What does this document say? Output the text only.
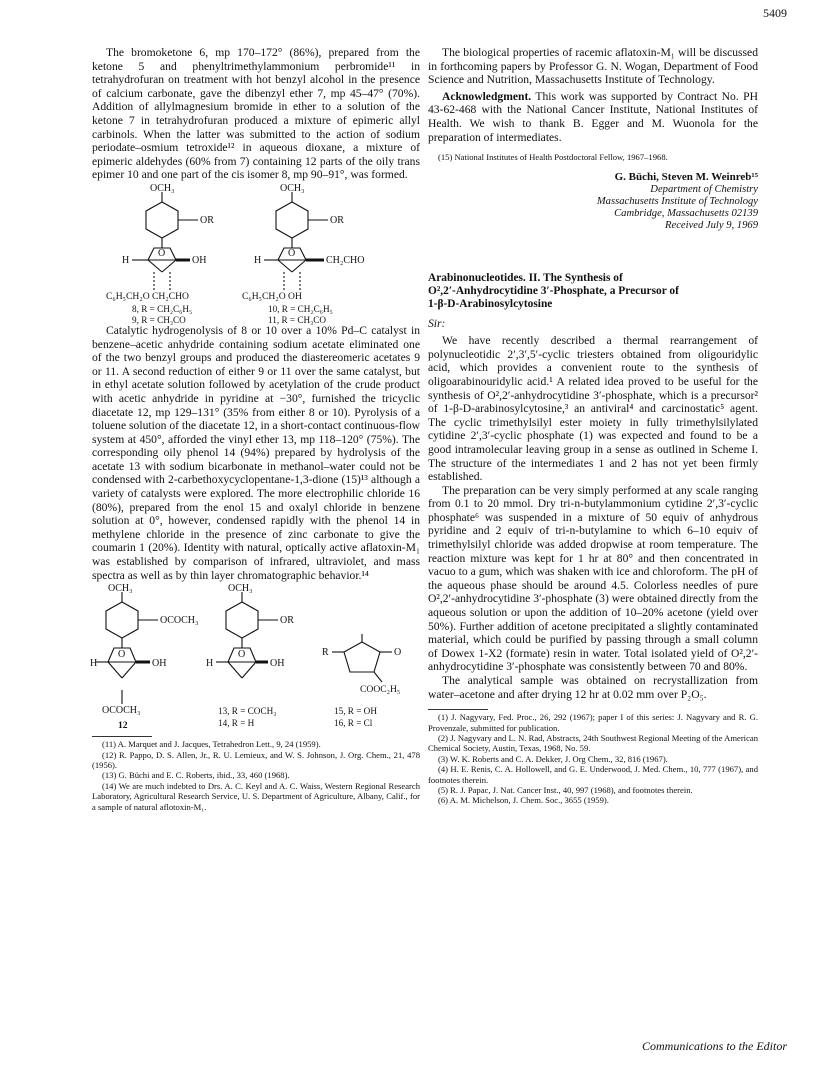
5409

The bromoketone 6, mp 170–172° (86%), prepared from the ketone 5 and phenyltrimethylammonium perbromide¹¹ in tetrahydrofuran on treatment with hot benzyl alcohol in the presence of calcium carbonate, gave the dibenzyl ether 7, mp 45–47° (70%). Addition of allylmagnesium bromide in ether to a solution of the ketone 7 in tetrahydrofuran produced a mixture of epimeric allyl carbinols. When the latter was submitted to the action of sodium periodate–osmium tetroxide¹² in aqueous dioxane, a mixture of epimeric aldehydes (60% from 7) containing 12 parts of the oily trans epimer 10 and one part of the cis isomer 8, mp 90–91°, was formed.

OCH₃
OR
O
H	OH
C₆H₅CH₂O CH₂CHO
8, R = CH₂C₆H₅
9, R = CH₃CO
OCH₃
OR
O
H	CH₂CHO
C₆H₅CH₂O OH
10, R = CH₂C₆H₅
11, R = CH₃CO

Catalytic hydrogenolysis of 8 or 10 over a 10% Pd–C catalyst in benzene–acetic anhydride containing sodium acetate eliminated one of the two benzyl groups and produced the diastereomeric acetates 9 or 11. A second reduction of either 9 or 11 over the same catalyst, but in ethyl acetate solution followed by acetylation of the crude product with acetic anhydride in pyridine at −30°, furnished the tricyclic diacetate 12, mp 129–131° (35% from either 8 or 10). Pyrolysis of a toluene solution of the diacetate 12, in a short-contact continuous-flow system at 450°, afforded the vinyl ether 13, mp 118–120° (75%). The corresponding oily phenol 14 (94%) prepared by hydrolysis of the acetate 13 with sodium bicarbonate in methanol–water could not be condensed with 2-carbethoxycyclopentane-1,3-dione (15)¹³ although a variety of catalysts were explored. The more electrophilic chloride 16 (80%), prepared from the enol 15 and oxalyl chloride in benzene solution at 0°, however, condensed rapidly with the phenol 14 in methylene chloride in the presence of zinc carbonate to give the coumarin 1 (20%). Identity with natural, optically active aflatoxin-M₁ was established by comparison of infrared, ultraviolet, and mass spectra as well as by thin layer chromatographic behavior.¹⁴

OCH₃
OCOCH₃
O
H	OH
OCOCH₃
12
OCH₃
OR
O
H	OH
13, R = COCH₃
14, R = H
R	O
COOC₂H₅
15, R = OH
16, R = Cl

(11) A. Marquet and J. Jacques, Tetrahedron Lett., 9, 24 (1959).

(12) R. Pappo, D. S. Allen, Jr., R. U. Lemieux, and W. S. Johnson, J. Org. Chem., 21, 478 (1956).

(13) G. Büchi and E. C. Roberts, ibid., 33, 460 (1968).

(14) We are much indebted to Drs. A. C. Keyl and A. C. Waiss, Western Regional Research Laboratory, Agricultural Research Service, U. S. Department of Agriculture, Albany, Calif., for a sample of natural aflotoxin-M₁.

The biological properties of racemic aflatoxin-M₁ will be discussed in forthcoming papers by Professor G. N. Wogan, Department of Food Science and Nutrition, Massachusetts Institute of Technology.

Acknowledgment. This work was supported by Contract No. PH 43-62-468 with the National Cancer Institute, National Institutes of Health. We wish to thank B. Egger and M. Wuonola for the preparation of intermediates.

(15) National Institutes of Health Postdoctoral Fellow, 1967–1968.

G. Büchi, Steven M. Weinreb¹⁵
Department of Chemistry
Massachusetts Institute of Technology
Cambridge, Massachusetts 02139
Received July 9, 1969
Arabinonucleotides. II. The Synthesis of
O²,2′-Anhydrocytidine 3′-Phosphate, a Precursor of
1-β-D-Arabinosylcytosine

Sir:

We have recently described a thermal rearrangement of polynucleotidic 2′,3′,5′-cyclic triesters obtained from oligouridylic acid, which provides a convenient route to the synthesis of oligoarabinouridylic acid.¹ A related idea proved to be useful for the synthesis of O²,2′-anhydrocytidine 3′-phosphate, which is a precursor² of 1-β-D-arabinosylcytosine,³ an antiviral⁴ and carcinostatic⁵ agent. The cyclic trimethylsilyl ester moiety in fully trimethylsilylated cytidine 2′,3′-cyclic phosphate (1) was expected and found to be a good intramolecular leaving group in a sense as outlined in Scheme I. The structure of the intermediates 1 and 2 has not yet been firmly established.

The preparation can be very simply performed at any scale ranging from 0.1 to 20 mmol. Dry tri-n-butylammonium cytidine 2′,3′-cyclic phosphate⁶ was suspended in a mixture of 50 equiv of anhydrous pyridine and 2 equiv of tri-n-butylamine to which 6–10 equiv of trimethylsilyl chloride was added dropwise at room temperature. The reaction mixture was kept for 1 hr at 80° and then concentrated in vacuo to a gum, which was shaken with ice and chloroform. The pH of the aqueous phase should be around 4.5. Colorless needles of pure O²,2′-anhydrocytidine 3′-phosphate (3) were obtained directly from the aqueous solution or upon the addition of 10–20% acetone (yield over 50%). Further addition of acetone precipitated a slightly contaminated material, which could be purified by passing through a small column of Dowex 1-X2 (formate) resin in water. Total isolated yield of O²,2′-anhydrocytidine 3′-phosphate was consistently between 70 and 80%.

The analytical sample was obtained on recrystallization from water–acetone and after drying 12 hr at 0.02 mm over P₂O₅.

(1) J. Nagyvary, Fed. Proc., 26, 292 (1967); paper I of this series: J. Nagyvary and R. G. Provenzale, submitted for publication.

(2) J. Nagyvary and L. N. Rad, Abstracts, 24th Southwest Regional Meeting of the American Chemical Society, Austin, Texas, 1968, No. 59.

(3) W. K. Roberts and C. A. Dekker, J. Org Chem., 32, 816 (1967).

(4) H. E. Renis, C. A. Hollowell, and G. E. Underwood, J. Med. Chem., 10, 777 (1967), and footnotes therein.

(5) R. J. Papac, J. Nat. Cancer Inst., 40, 997 (1968), and footnotes therein.

(6) A. M. Michelson, J. Chem. Soc., 3655 (1959).

Communications to the Editor
